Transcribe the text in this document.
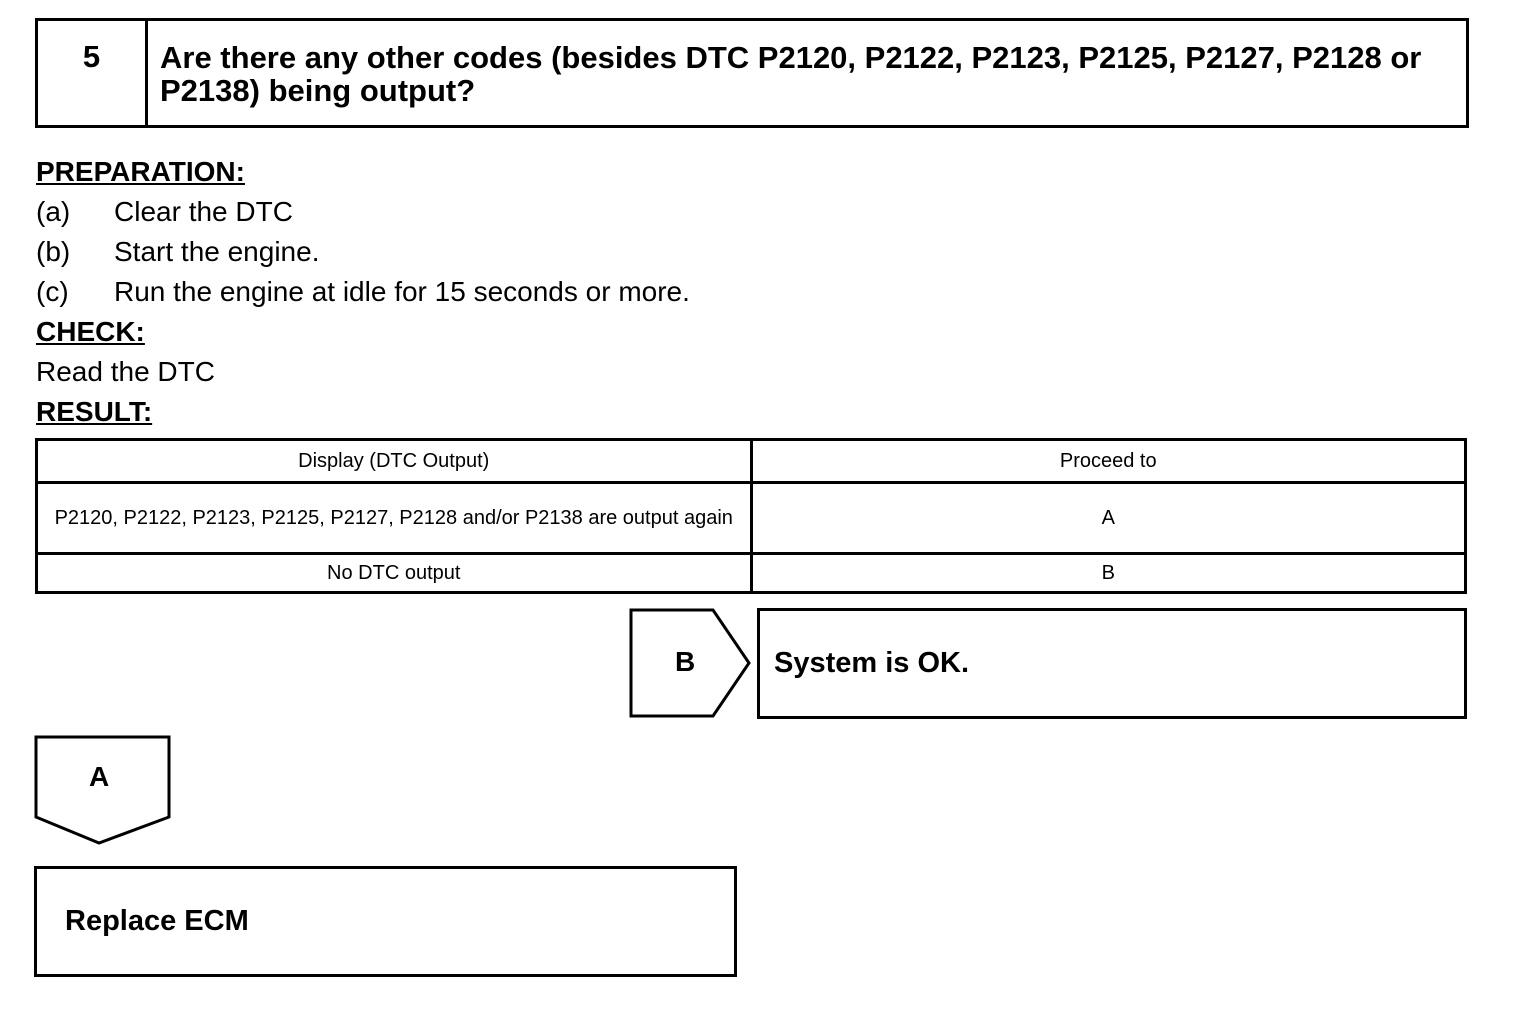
5	Are there any other codes (besides DTC P2120, P2122, P2123, P2125, P2127, P2128 or P2138) being output?
PREPARATION:
(a) Clear the DTC
(b) Start the engine.
(c) Run the engine at idle for 15 seconds or more.
CHECK:
Read the DTC
RESULT:
Display (DTC Output)	Proceed to
P2120, P2122, P2123, P2125, P2127, P2128 and/or P2138 are output again	A
No DTC output	B
B	System is OK.
A
Replace ECM
